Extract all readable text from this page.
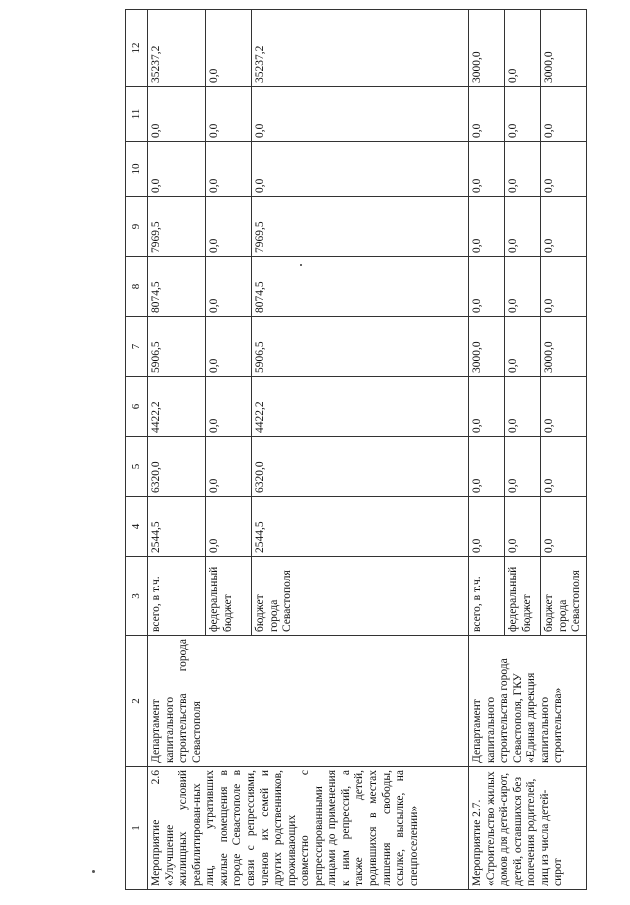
1	2	3	4	5	6	7	8	9	10	11	12
Мероприятие 2.6 «Улучшение жилищных условий реабилитирован-ных лиц, утративших жилые помещения в городе Севастополе в связи с репрессиями, членов их семей и других родственников, проживающих совместно с репрессированными лицами до применения к ним репрессий, а также детей, родившихся в местах лишения свободы, ссылке, высылке, на спецпоселении»	Департамент капитального строительства города Севастополя	всего, в т.ч.	2544,5	6320,0	4422,2	5906,5	8074,5	7969,5	0,0	0,0	35237,2
		федеральный бюджет	0,0	0,0	0,0	0,0	0,0	0,0	0,0	0,0	0,0
		бюджет города Севастополя	2544,5	6320,0	4422,2	5906,5	8074,5	7969,5	0,0	0,0	35237,2
Мероприятие 2.7. «Строительство жилых домов для детей-сирот, детей, оставшихся без попечения родителей, лиц из числа детей-сирот	Департамент капитального строительства города Севастополя, ГКУ «Единая дирекция капитального строительства»	всего, в т.ч.	0,0	0,0	0,0	3000,0	0,0	0,0	0,0	0,0	3000,0
		федеральный бюджет	0,0	0,0	0,0	0,0	0,0	0,0	0,0	0,0	0,0
		бюджет города Севастополя	0,0	0,0	0,0	3000,0	0,0	0,0	0,0	0,0	3000,0
